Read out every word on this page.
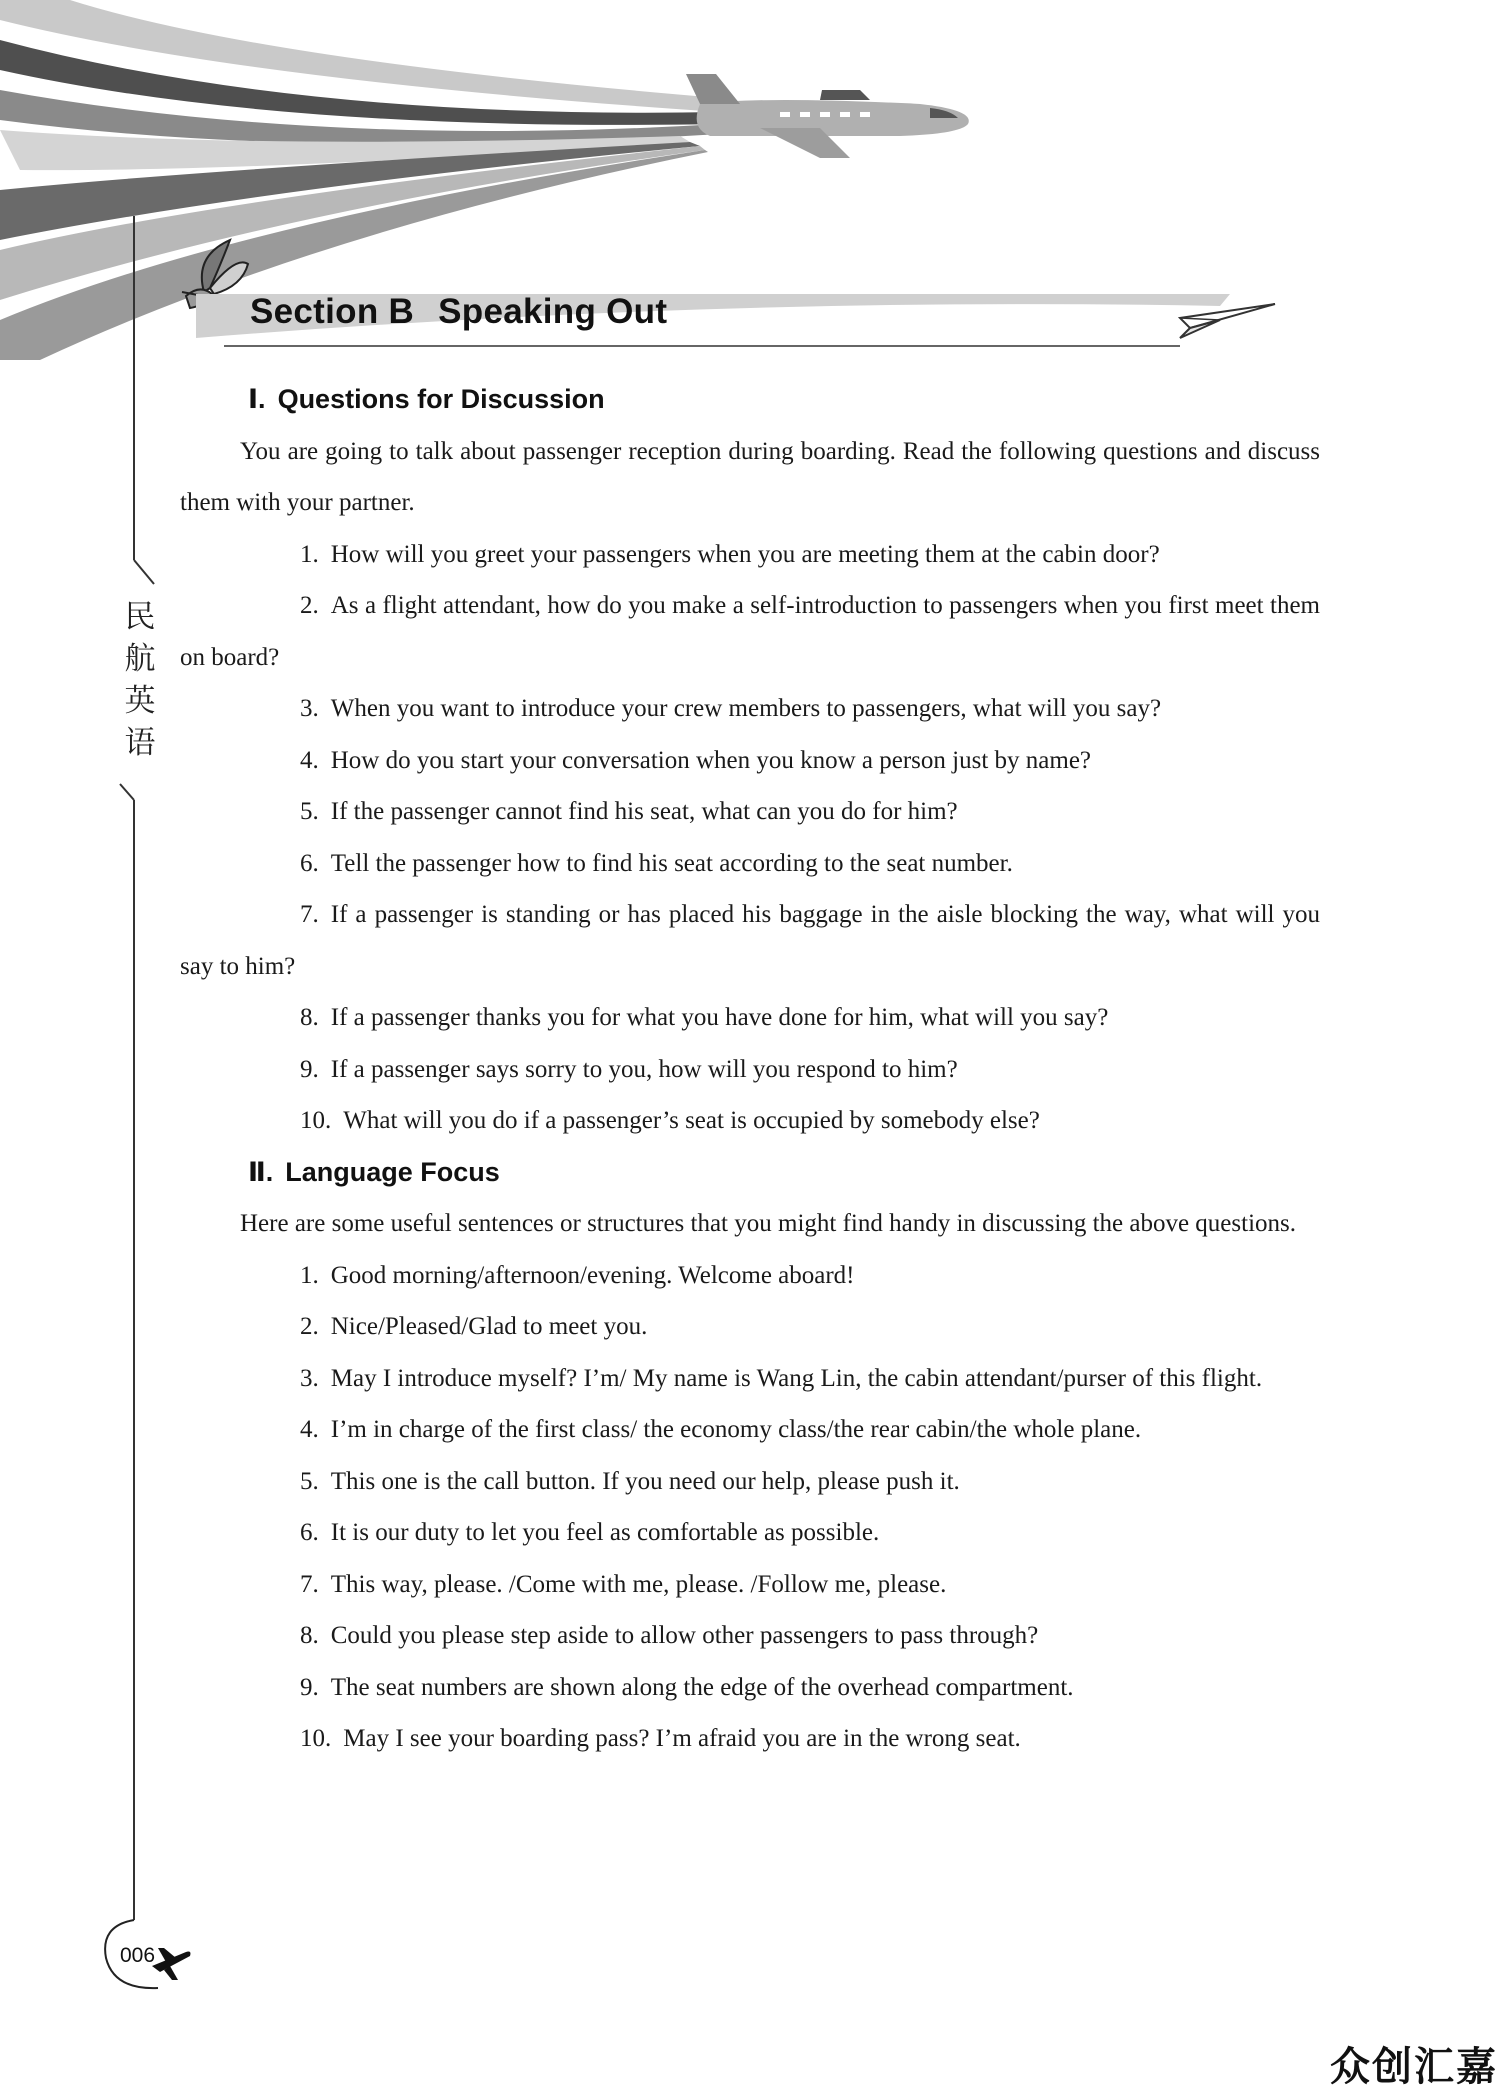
民
航
英
语
Section B Speaking Out
Ⅰ. Questions for Discussion

You are going to talk about passenger reception during boarding. Read the following questions and discuss them with your partner.

1. How will you greet your passengers when you are meeting them at the cabin door?

2. As a flight attendant, how do you make a self-introduction to passengers when you first meet them on board?

3. When you want to introduce your crew members to passengers, what will you say?

4. How do you start your conversation when you know a person just by name?

5. If the passenger cannot find his seat, what can you do for him?

6. Tell the passenger how to find his seat according to the seat number.

7. If a passenger is standing or has placed his baggage in the aisle blocking the way, what will you say to him?

8. If a passenger thanks you for what you have done for him, what will you say?

9. If a passenger says sorry to you, how will you respond to him?

10. What will you do if a passenger’s seat is occupied by somebody else?

Ⅱ. Language Focus

Here are some useful sentences or structures that you might find handy in discussing the above questions.

1. Good morning/afternoon/evening. Welcome aboard!

2. Nice/Pleased/Glad to meet you.

3. May I introduce myself? I’m/ My name is Wang Lin, the cabin attendant/purser of this flight.

4. I’m in charge of the first class/ the economy class/the rear cabin/the whole plane.

5. This one is the call button. If you need our help, please push it.

6. It is our duty to let you feel as comfortable as possible.

7. This way, please. /Come with me, please. /Follow me, please.

8. Could you please step aside to allow other passengers to pass through?

9. The seat numbers are shown along the edge of the overhead compartment.

10. May I see your boarding pass? I’m afraid you are in the wrong seat.

006
众创汇嘉
